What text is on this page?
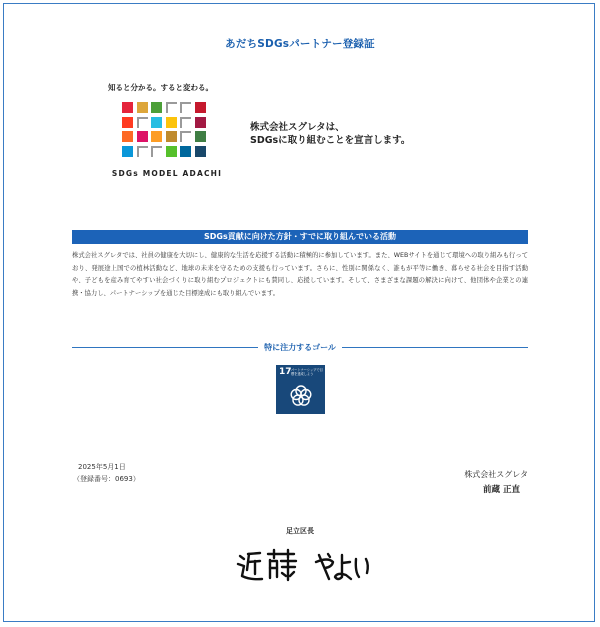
あだちSDGsパートナー登録証
知ると分かる。すると変わる。
SDGs MODEL ADACHI
株式会社スグレタは、
SDGsに取り組むことを宣言します。
SDGs貢献に向けた方針・すでに取り組んでいる活動
株式会社スグレタでは、社員の健康を大切にし、健康的な生活を応援する活動に積極的に参加しています。また、WEBサイトを通じて環境への取り組みも行っており、発展途上国での植林活動など、地球の未来を守るための支援も行っています。さらに、性別に関係なく、誰もが平等に働き、暮らせる社会を目指す活動や、子どもを産み育てやすい社会づくりに取り組むプロジェクトにも賛同し、応援しています。そして、さまざまな課題の解決に向けて、他団体や企業との連携・協力し、パートナーシップを通じた目標達成にも取り組んでいます。
特に注力するゴール
17 パートナーシップで目標を達成しよう
2025年5月1日
（登録番号：0693）	株式会社スグレタ
前蔵 正直
足立区長
